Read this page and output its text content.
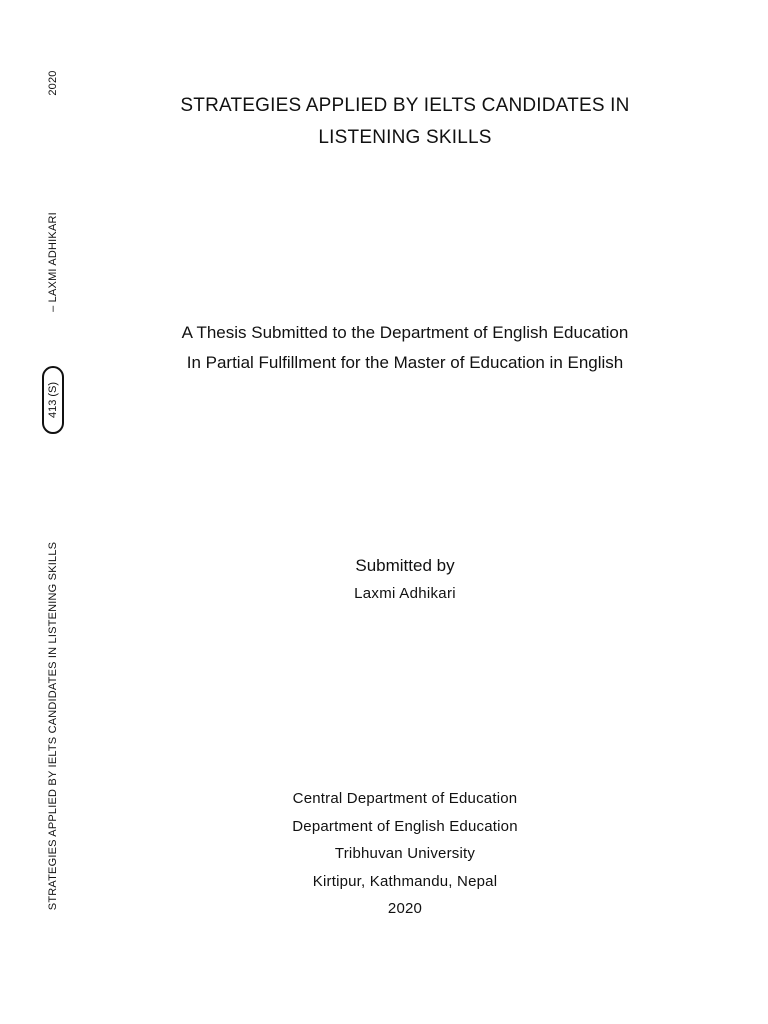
2020
– LAXMI ADHIKARI
413 (S)
STRATEGIES APPLIED BY IELTS CANDIDATES IN LISTENING SKILLS
STRATEGIES APPLIED BY IELTS CANDIDATES IN
LISTENING SKILLS
A Thesis Submitted to the Department of English Education
In Partial Fulfillment for the Master of Education in English
Submitted by
Laxmi Adhikari
Central Department of Education
Department of English Education
Tribhuvan University
Kirtipur, Kathmandu, Nepal
2020
